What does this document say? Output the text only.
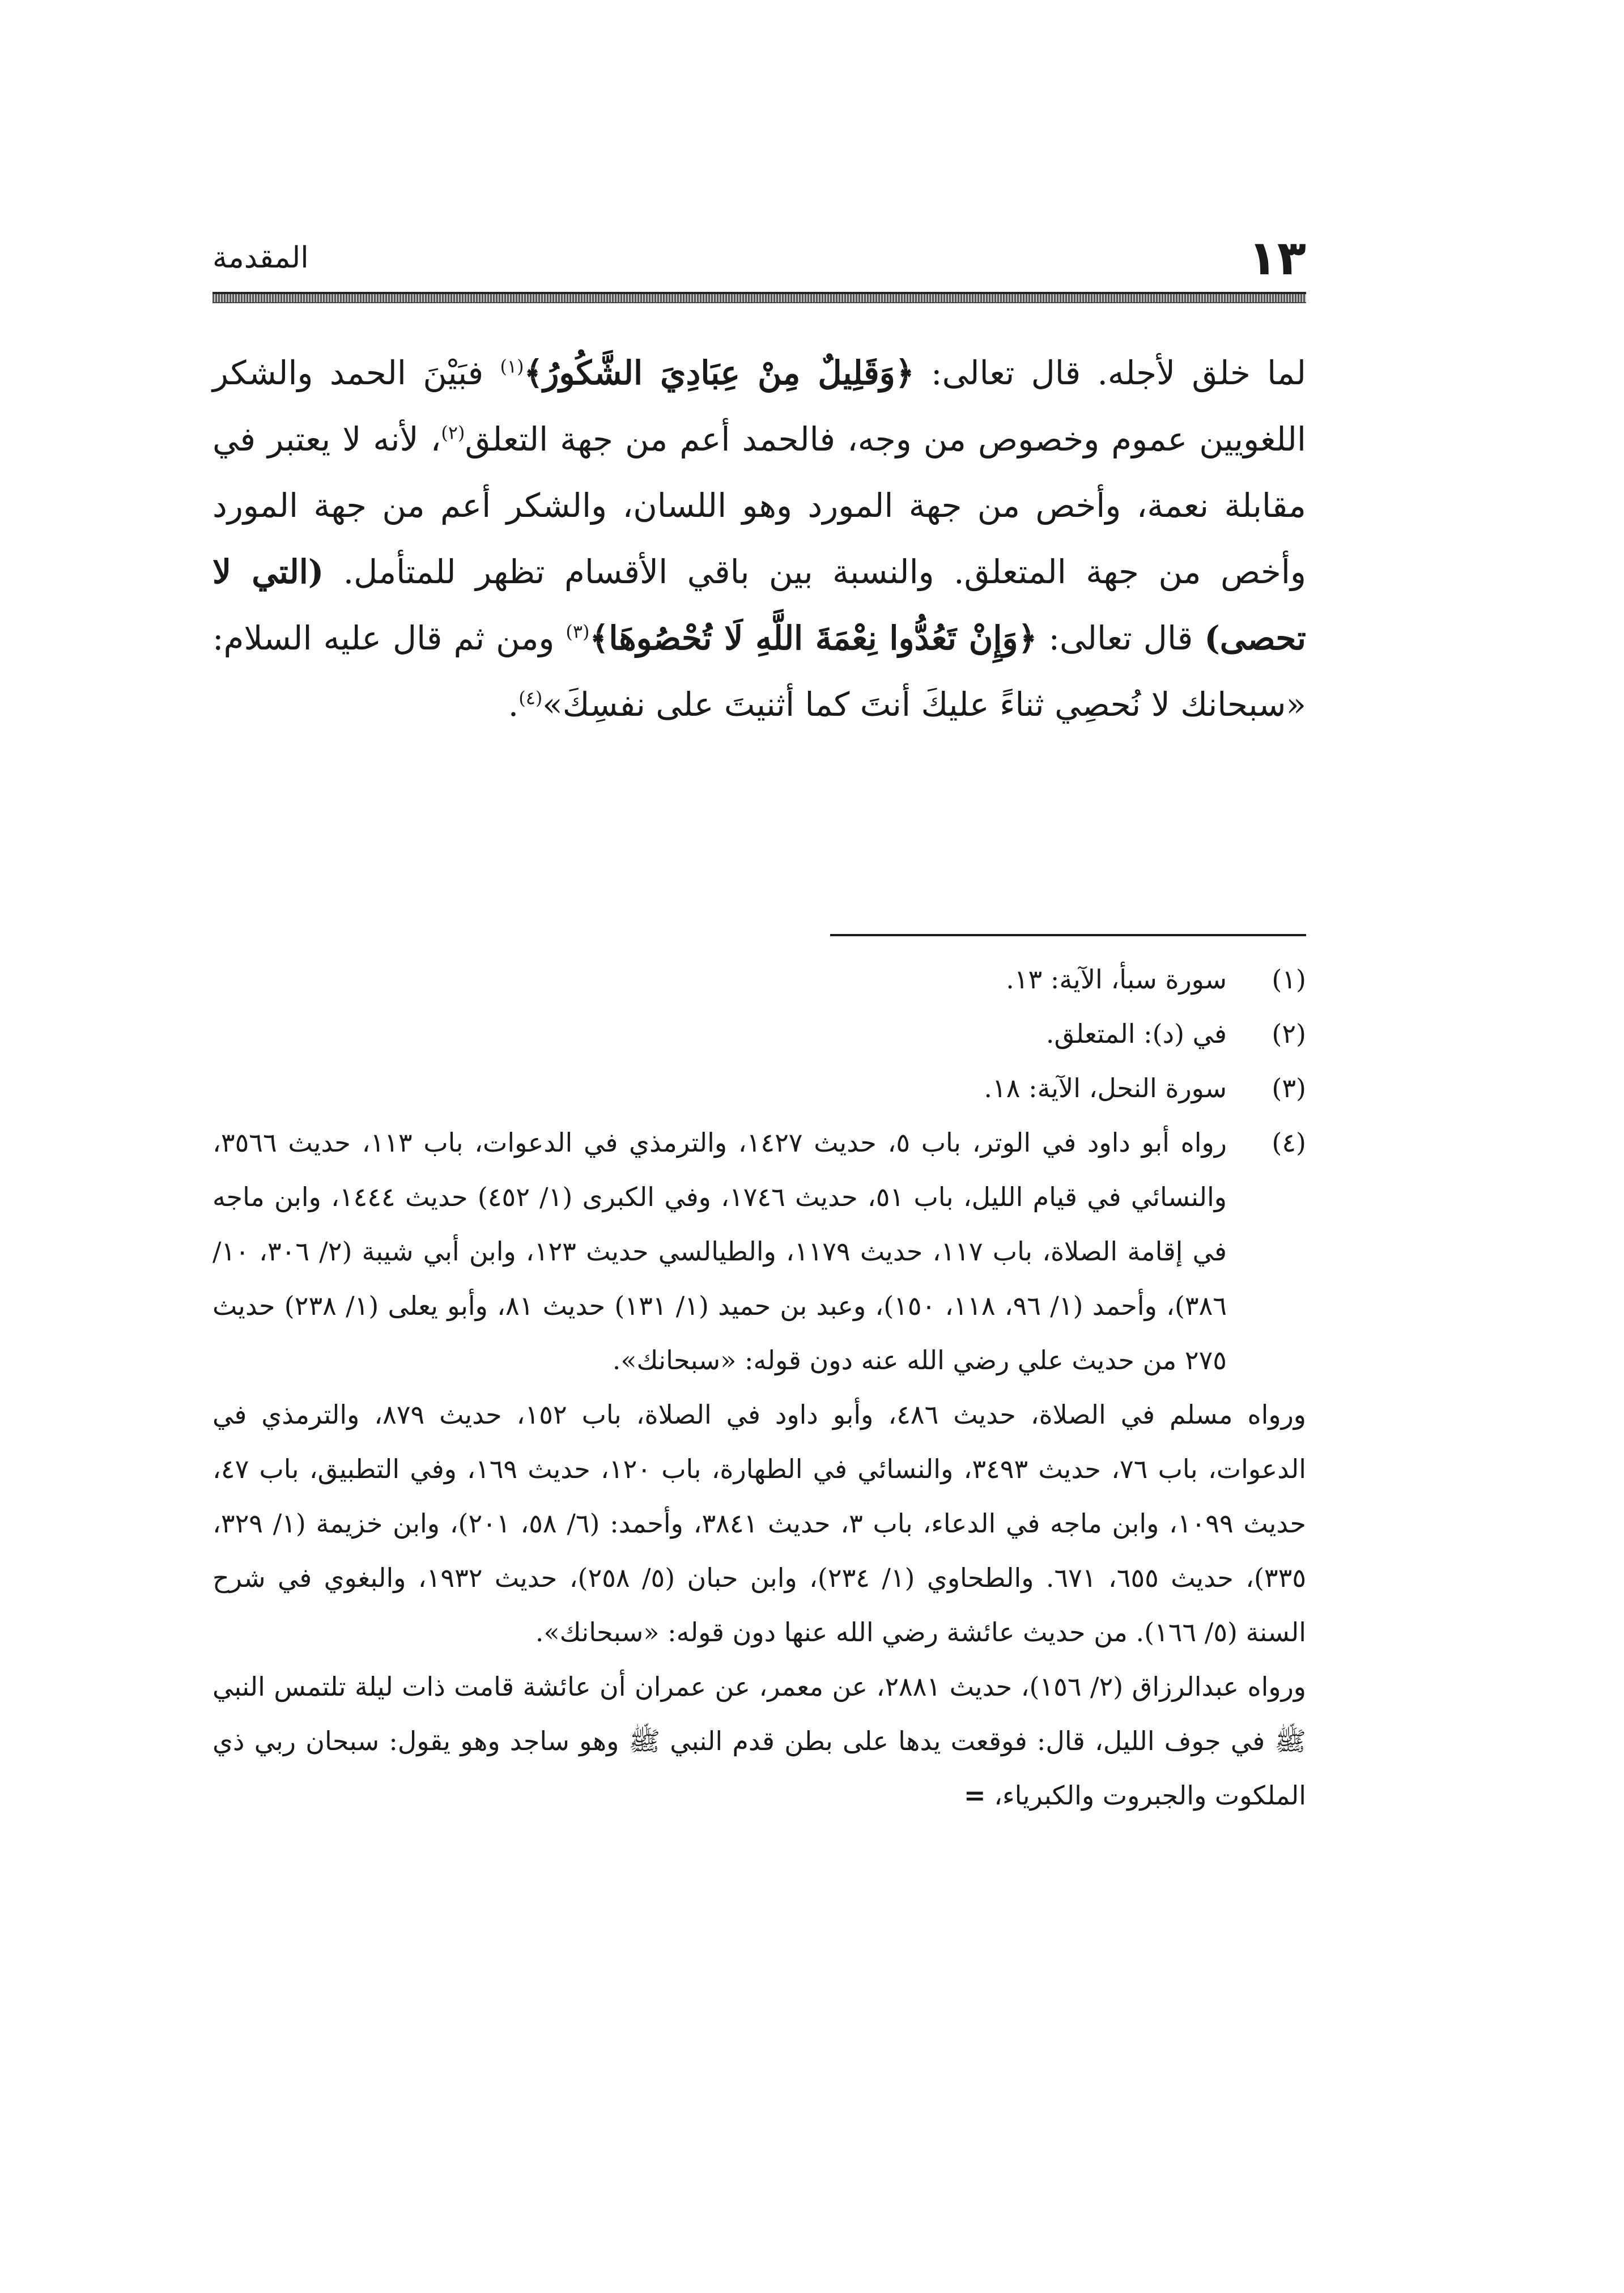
١٣
المقدمة

لما خلق لأجله. قال تعالى: ﴿وَقَلِيلٌ مِنْ عِبَادِيَ الشَّكُورُ﴾$^{(١)}$ فبَيْنَ الحمد والشكر اللغويين عموم وخصوص من وجه، فالحمد أعم من جهة التعلق$^{(٢)}$، لأنه لا يعتبر في مقابلة نعمة، وأخص من جهة المورد وهو اللسان، والشكر أعم من جهة المورد وأخص من جهة المتعلق. والنسبة بين باقي الأقسام تظهر للمتأمل. (التي لا تحصى) قال تعالى: ﴿وَإِنْ تَعُدُّوا نِعْمَةَ اللَّهِ لَا تُحْصُوهَا﴾$^{(٣)}$ ومن ثم قال عليه السلام: «سبحانك لا نُحصِي ثناءً عليكَ أنتَ كما أثنيتَ على نفسِكَ»$^{(٤)}$.

(١)
سورة سبأ، الآية: ١٣.
(٢)
في (د): المتعلق.
(٣)
سورة النحل، الآية: ١٨.
(٤)
رواه أبو داود في الوتر، باب ٥، حديث ١٤٢٧، والترمذي في الدعوات، باب ١١٣، حديث ٣٥٦٦، والنسائي في قيام الليل، باب ٥١، حديث ١٧٤٦، وفي الكبرى (١/ ٤٥٢) حديث ١٤٤٤، وابن ماجه في إقامة الصلاة، باب ١١٧، حديث ١١٧٩، والطيالسي حديث ١٢٣، وابن أبي شيبة (٢/ ٣٠٦، ١٠/ ٣٨٦)، وأحمد (١/ ٩٦، ١١٨، ١٥٠)، وعبد بن حميد (١/ ١٣١) حديث ٨١، وأبو يعلى (١/ ٢٣٨) حديث ٢٧٥ من حديث علي رضي الله عنه دون قوله: «سبحانك».
ورواه مسلم في الصلاة، حديث ٤٨٦، وأبو داود في الصلاة، باب ١٥٢، حديث ٨٧٩، والترمذي في الدعوات، باب ٧٦، حديث ٣٤٩٣، والنسائي في الطهارة، باب ١٢٠، حديث ١٦٩، وفي التطبيق، باب ٤٧، حديث ١٠٩٩، وابن ماجه في الدعاء، باب ٣، حديث ٣٨٤١، وأحمد: (٦/ ٥٨، ٢٠١)، وابن خزيمة (١/ ٣٢٩، ٣٣٥)، حديث ٦٥٥، ٦٧١. والطحاوي (١/ ٢٣٤)، وابن حبان (٥/ ٢٥٨)، حديث ١٩٣٢، والبغوي في شرح السنة (٥/ ١٦٦). من حديث عائشة رضي الله عنها دون قوله: «سبحانك».
ورواه عبدالرزاق (٢/ ١٥٦)، حديث ٢٨٨١، عن معمر، عن عمران أن عائشة قامت ذات ليلة تلتمس النبي ﷺ في جوف الليل، قال: فوقعت يدها على بطن قدم النبي ﷺ وهو ساجد وهو يقول: سبحان ربي ذي الملكوت والجبروت والكبرياء، =
